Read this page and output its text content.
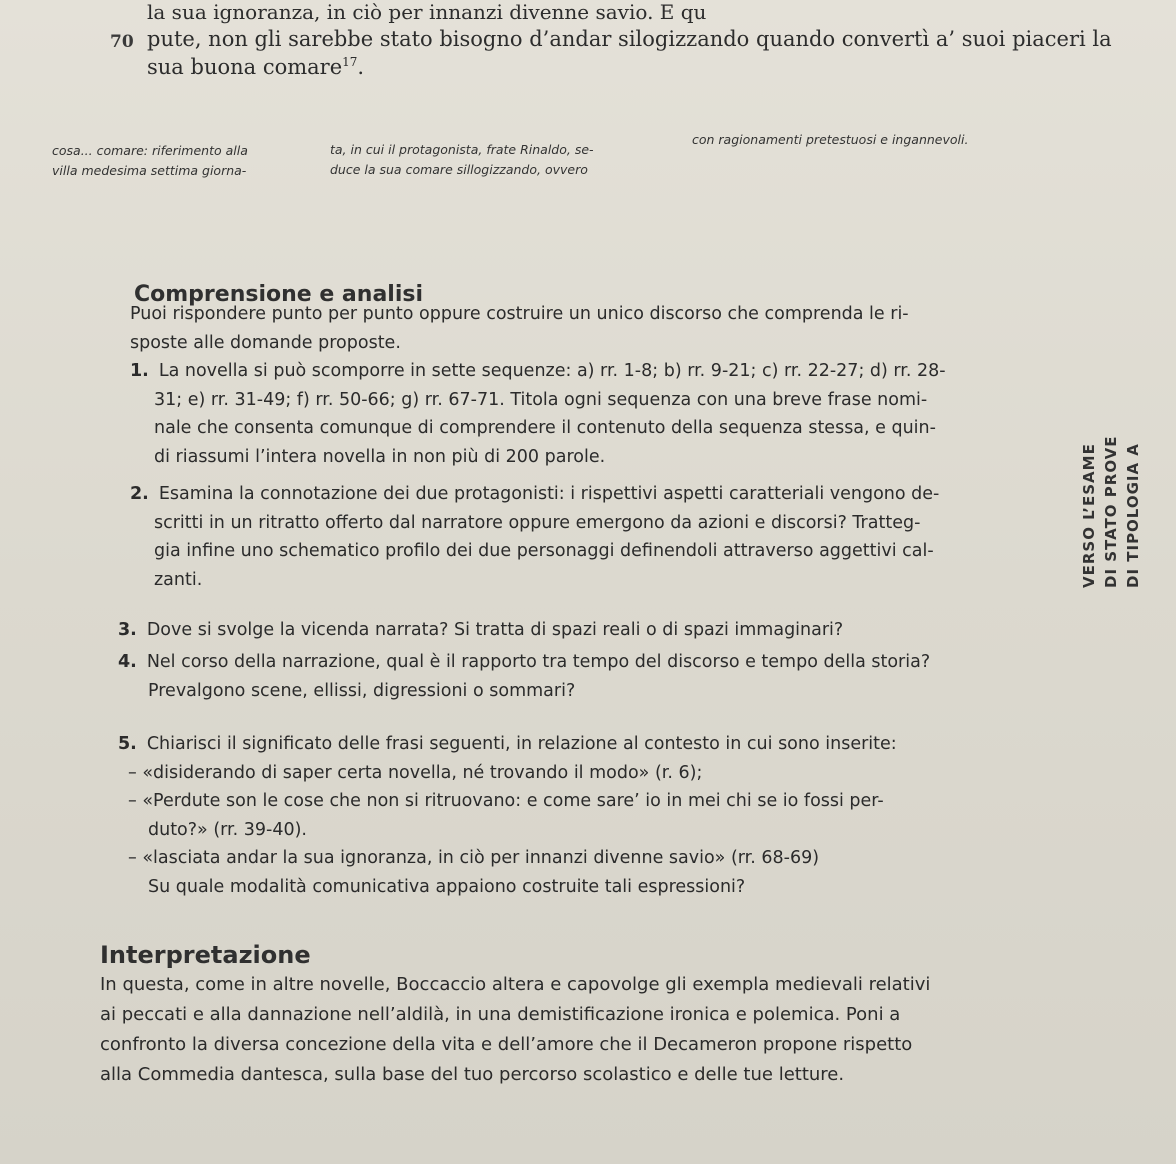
la sua ignoranza, in ciò per innanzi divenne savio. E qu
70 pute, non gli sarebbe stato bisogno d’andar silogizzando quando convertì a’ suoi piaceri la
sua buona comare$^{17}$.
cosa... comare: riferimento alla
villa medesima settima giorna-
ta, in cui il protagonista, frate Rinaldo, se-
duce la sua comare sillogizzando, ovvero
con ragionamenti pretestuosi e ingannevoli.
Comprensione e analisi
Puoi rispondere punto per punto oppure costruire un unico discorso che comprenda le ri-
sposte alle domande proposte.
1. La novella si può scomporre in sette sequenze: a) rr. 1-8; b) rr. 9-21; c) rr. 22-27; d) rr. 28-
31; e) rr. 31-49; f) rr. 50-66; g) rr. 67-71. Titola ogni sequenza con una breve frase nomi-
nale che consenta comunque di comprendere il contenuto della sequenza stessa, e quin-
di riassumi l’intera novella in non più di 200 parole.
2. Esamina la connotazione dei due protagonisti: i rispettivi aspetti caratteriali vengono de-
scritti in un ritratto offerto dal narratore oppure emergono da azioni e discorsi? Tratteg-
gia infine uno schematico profilo dei due personaggi definendoli attraverso aggettivi cal-
zanti.
3. Dove si svolge la vicenda narrata? Si tratta di spazi reali o di spazi immaginari?
4. Nel corso della narrazione, qual è il rapporto tra tempo del discorso e tempo della storia?
Prevalgono scene, ellissi, digressioni o sommari?
5. Chiarisci il significato delle frasi seguenti, in relazione al contesto in cui sono inserite:
– «disiderando di saper certa novella, né trovando il modo» (r. 6);
– «Perdute son le cose che non si ritruovano: e come sare’ io in mei chi se io fossi per-
duto?» (rr. 39-40).
– «lasciata andar la sua ignoranza, in ciò per innanzi divenne savio» (rr. 68-69)
Su quale modalità comunicativa appaiono costruite tali espressioni?
Interpretazione
In questa, come in altre novelle, Boccaccio altera e capovolge gli exempla medievali relativi
ai peccati e alla dannazione nell’aldilà, in una demistificazione ironica e polemica. Poni a
confronto la diversa concezione della vita e dell’amore che il Decameron propone rispetto
alla Commedia dantesca, sulla base del tuo percorso scolastico e delle tue letture.
VERSO L’ESAME DI STATO PROVE DI TIPOLOGIA A
